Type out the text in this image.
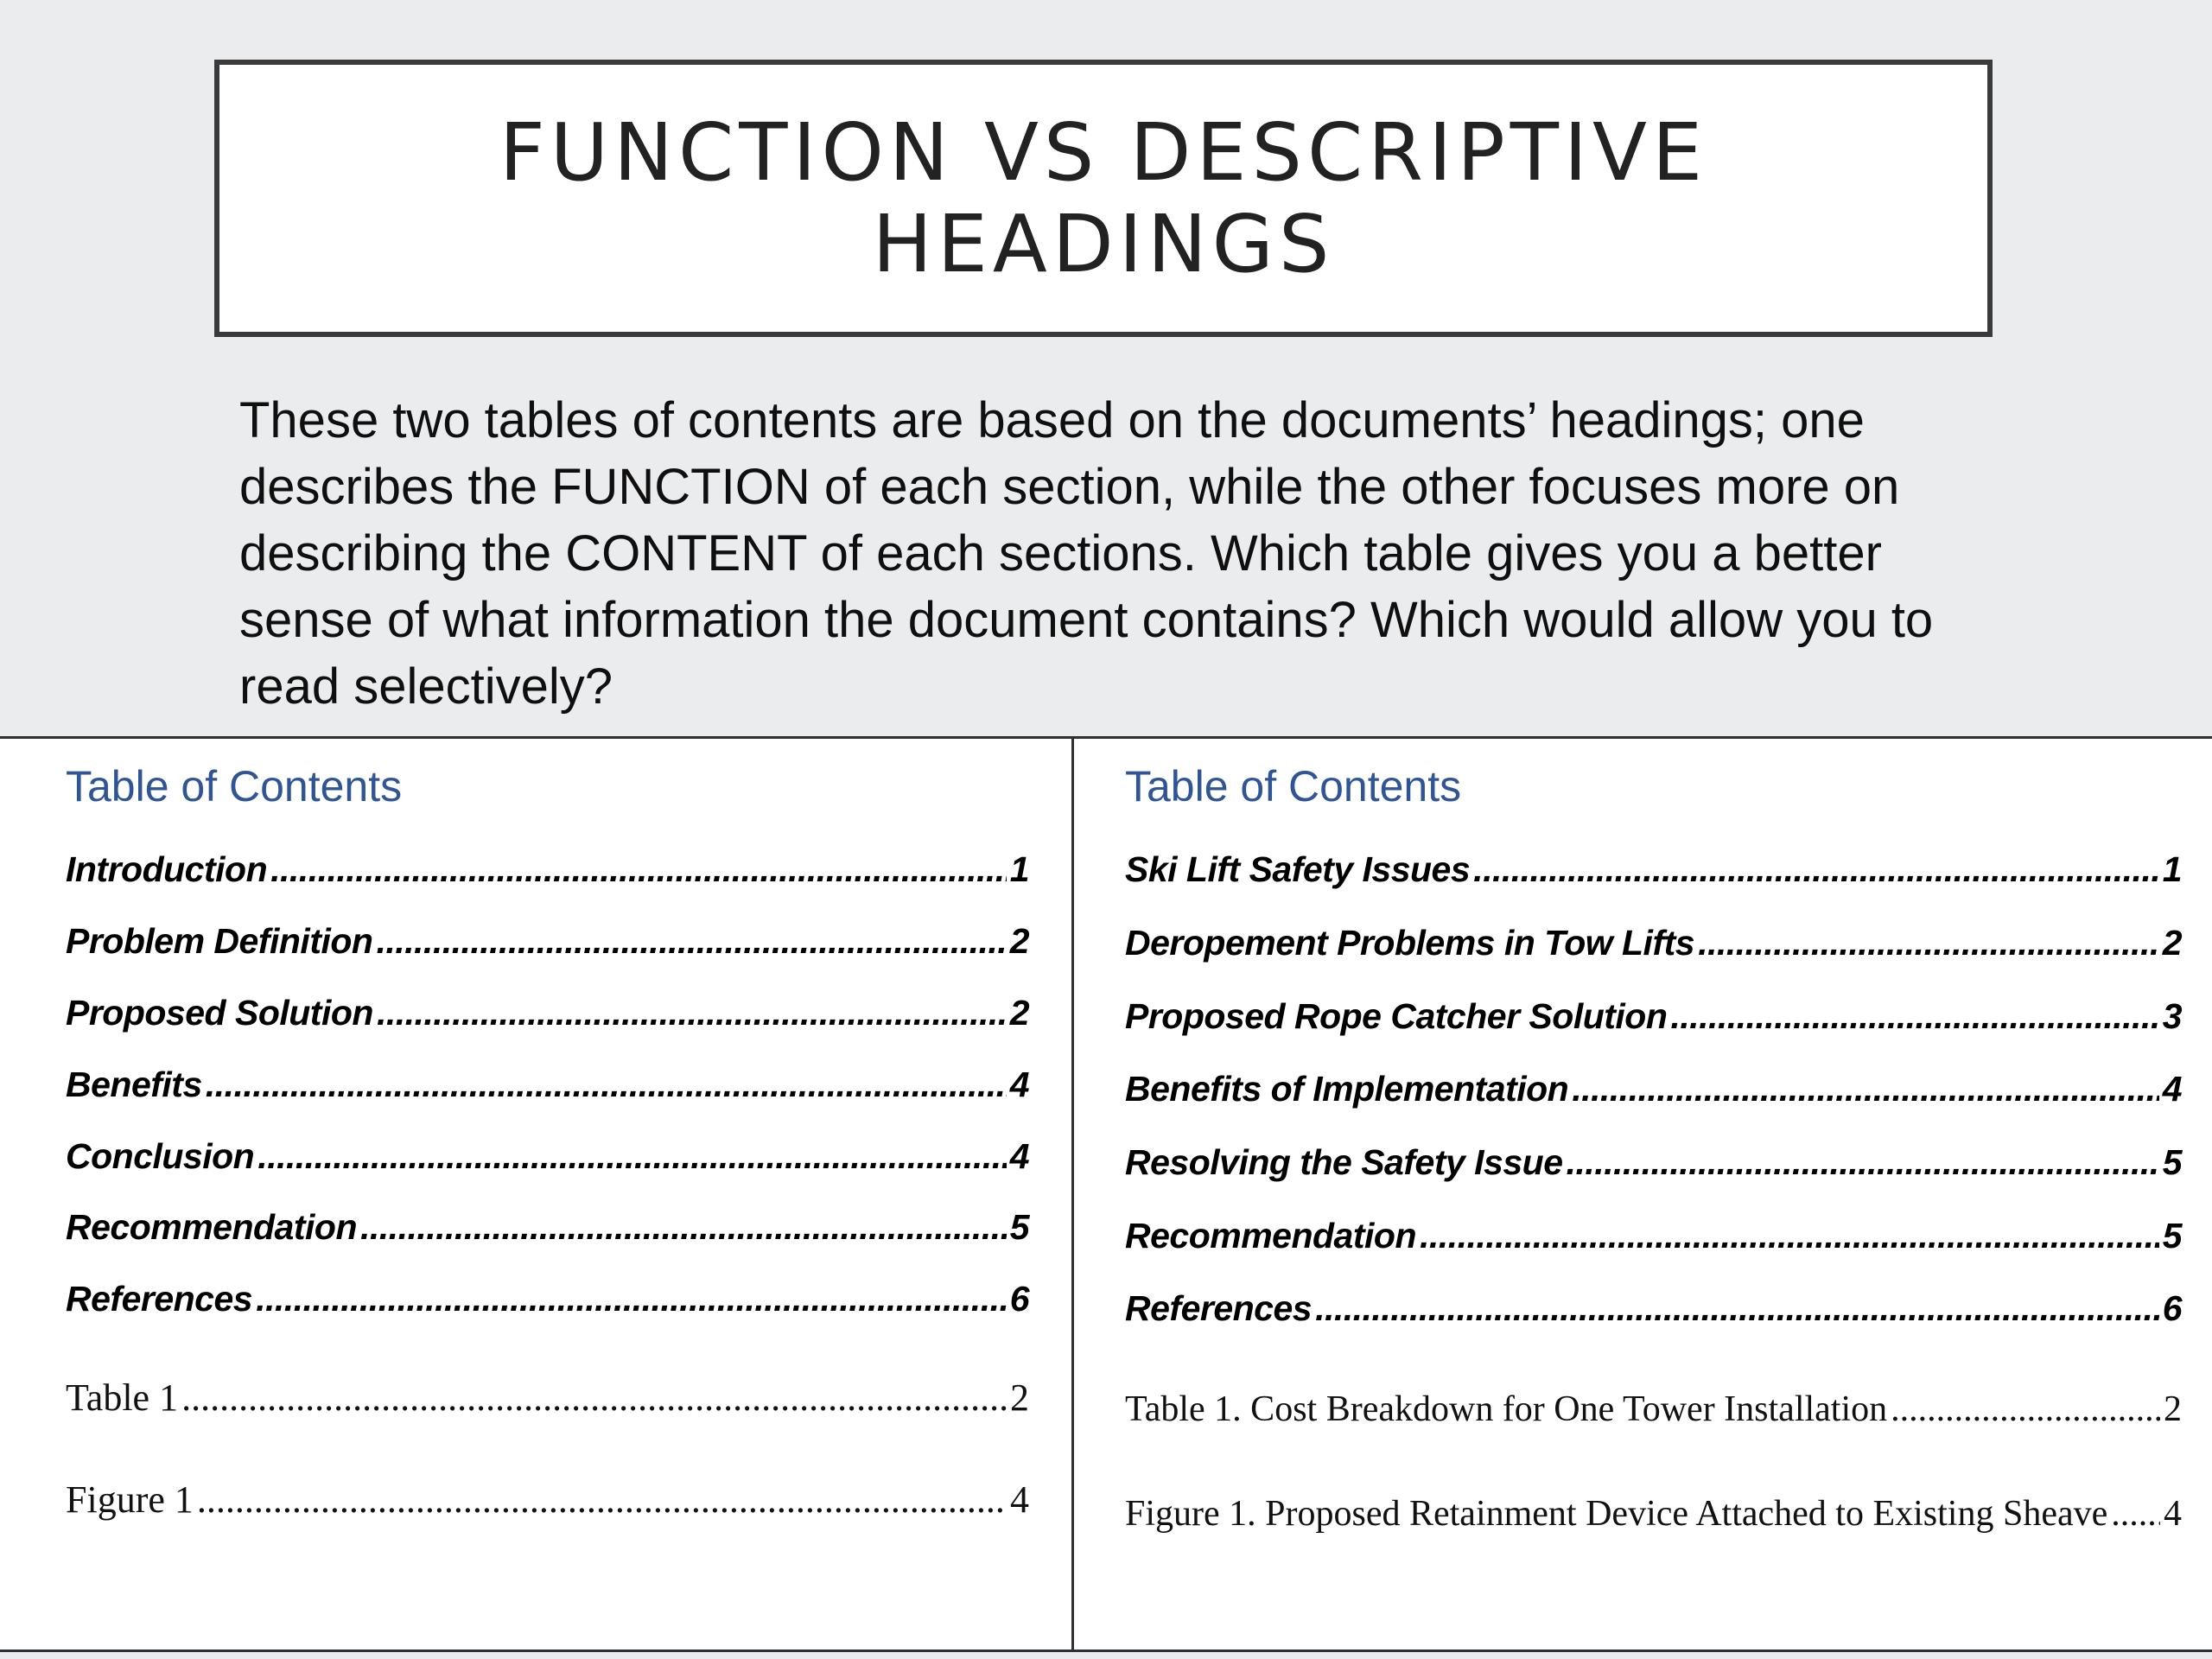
FUNCTION VS DESCRIPTIVE
HEADINGS

These two tables of contents are based on the documents’ headings; one describes the FUNCTION of each section, while the other focuses more on describing the CONTENT of each sections. Which table gives you a better sense of what information the document contains? Which would allow you to read selectively?

Table of Contents
Introduction .....	1
Problem Definition .....	2
Proposed Solution .....	2
Benefits .....	4
Conclusion .....	4
Recommendation .....	5
References .....	6
Table 1 .....	2
Figure 1 .....	4
Table of Contents
Ski Lift Safety Issues .....	1
Deropement Problems in Tow Lifts .....	2
Proposed Rope Catcher Solution .....	3
Benefits of Implementation .....	4
Resolving the Safety Issue .....	5
Recommendation .....	5
References .....	6
Table 1. Cost Breakdown for One Tower Installation .....	2
Figure 1. Proposed Retainment Device Attached to Existing Sheave ..... 4
